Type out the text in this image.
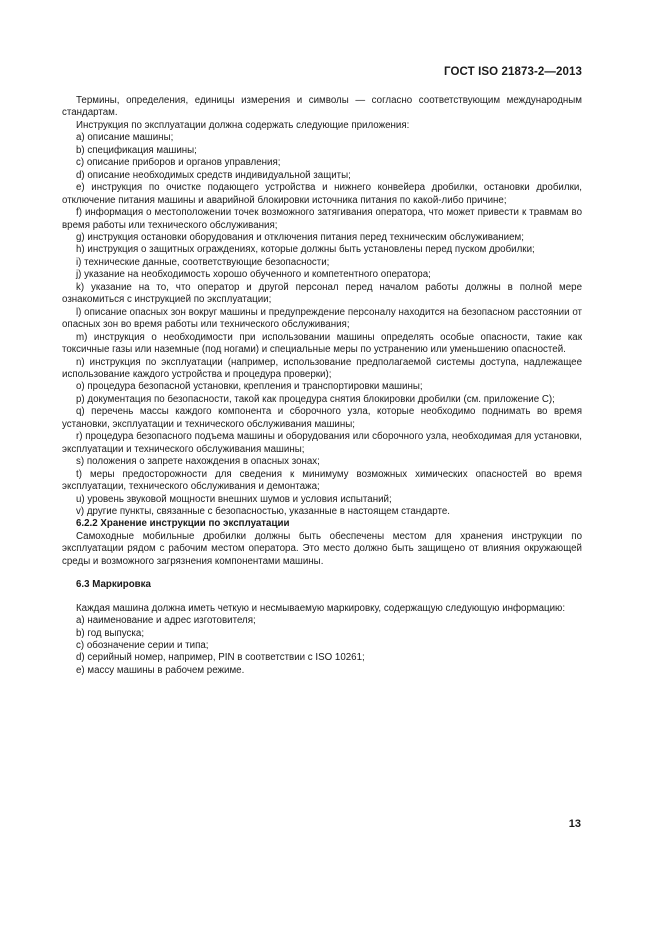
ГОСТ ISO 21873-2—2013

Термины, определения, единицы измерения и символы — согласно соответствующим международным стандартам.

Инструкция по эксплуатации должна содержать следующие приложения:

a) описание машины;

b) спецификация машины;

c) описание приборов и органов управления;

d) описание необходимых средств индивидуальной защиты;

e) инструкция по очистке подающего устройства и нижнего конвейера дробилки, остановки дробилки, отключение питания машины и аварийной блокировки источника питания по какой-либо причине;

f) информация о местоположении точек возможного затягивания оператора, что может привести к травмам во время работы или технического обслуживания;

g) инструкция остановки оборудования и отключения питания перед техническим обслуживанием;

h) инструкция о защитных ограждениях, которые должны быть установлены перед пуском дробилки;

i) технические данные, соответствующие безопасности;

j) указание на необходимость хорошо обученного и компетентного оператора;

k) указание на то, что оператор и другой персонал перед началом работы должны в полной мере ознакомиться с инструкцией по эксплуатации;

l) описание опасных зон вокруг машины и предупреждение персоналу находится на безопасном расстоянии от опасных зон во время работы или технического обслуживания;

m) инструкция о необходимости при использовании машины определять особые опасности, такие как токсичные газы или наземные (под ногами) и специальные меры по устранению или уменьшению опасностей.

n) инструкция по эксплуатации (например, использование предполагаемой системы доступа, надлежащее использование каждого устройства и процедура проверки);

o) процедура безопасной установки, крепления и транспортировки машины;

p) документация по безопасности, такой как процедура снятия блокировки дробилки (см. приложение С);

q) перечень массы каждого компонента и сборочного узла, которые необходимо поднимать во время установки, эксплуатации и технического обслуживания машины;

r) процедура безопасного подъема машины и оборудования или сборочного узла, необходимая для установки, эксплуатации и технического обслуживания машины;

s) положения о запрете нахождения в опасных зонах;

t) меры предосторожности для сведения к минимуму возможных химических опасностей во время эксплуатации, технического обслуживания и демонтажа;

u) уровень звуковой мощности внешних шумов и условия испытаний;

v) другие пункты, связанные с безопасностью, указанные в настоящем стандарте.

6.2.2 Хранение инструкции по эксплуатации

Самоходные мобильные дробилки должны быть обеспечены местом для хранения инструкции по эксплуатации рядом с рабочим местом оператора. Это место должно быть защищено от влияния окружающей среды и возможного загрязнения компонентами машины.

6.3 Маркировка

Каждая машина должна иметь четкую и несмываемую маркировку, содержащую следующую информацию:

a) наименование и адрес изготовителя;

b) год выпуска;

c) обозначение серии и типа;

d) серийный номер, например, PIN в соответствии с ISO 10261;

e) массу машины в рабочем режиме.

13
